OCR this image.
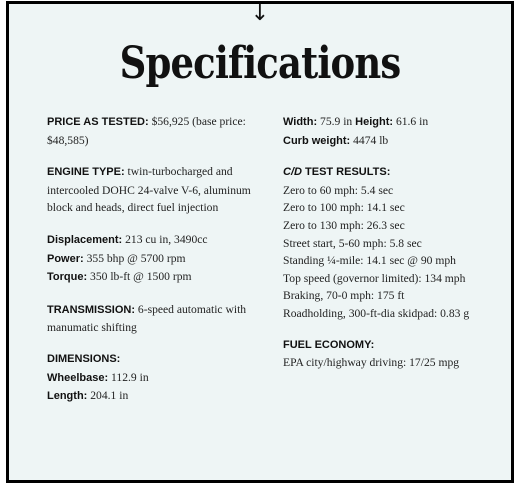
↓
Specifications
PRICE AS TESTED: $56,925 (base price: $48,585)
ENGINE TYPE: twin-turbocharged and intercooled DOHC 24-valve V-6, aluminum block and heads, direct fuel injection
Displacement: 213 cu in, 3490cc
Power: 355 bhp @ 5700 rpm
Torque: 350 lb-ft @ 1500 rpm
TRANSMISSION: 6-speed automatic with manumatic shifting
DIMENSIONS:
Wheelbase: 112.9 in
Length: 204.1 in
Width: 75.9 in Height: 61.6 in
Curb weight: 4474 lb
C/D TEST RESULTS:
Zero to 60 mph: 5.4 sec
Zero to 100 mph: 14.1 sec
Zero to 130 mph: 26.3 sec
Street start, 5-60 mph: 5.8 sec
Standing ¼-mile: 14.1 sec @ 90 mph
Top speed (governor limited): 134 mph
Braking, 70-0 mph: 175 ft
Roadholding, 300-ft-dia skidpad: 0.83 g
FUEL ECONOMY:
EPA city/highway driving: 17/25 mpg
